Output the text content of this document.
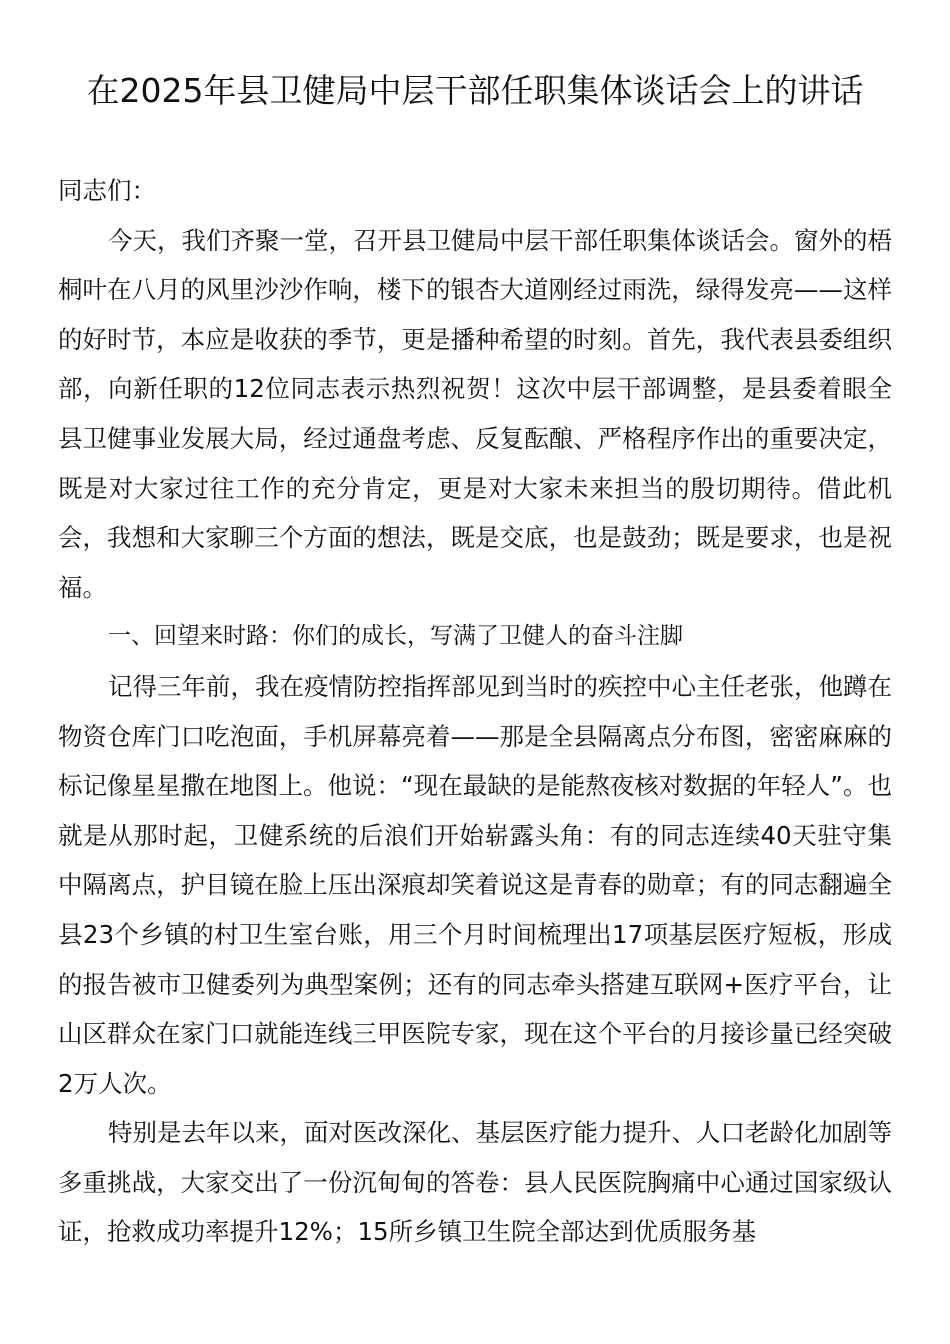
在2025年县卫健局中层干部任职集体谈话会上的讲话

同志们：

今天，我们齐聚一堂，召开县卫健局中层干部任职集体谈话会。窗外的梧桐叶在八月的风里沙沙作响，楼下的银杏大道刚经过雨洗，绿得发亮——这样的好时节，本应是收获的季节，更是播种希望的时刻。首先，我代表县委组织部，向新任职的12位同志表示热烈祝贺！这次中层干部调整，是县委着眼全县卫健事业发展大局，经过通盘考虑、反复酝酿、严格程序作出的重要决定，既是对大家过往工作的充分肯定，更是对大家未来担当的殷切期待。借此机会，我想和大家聊三个方面的想法，既是交底，也是鼓劲；既是要求，也是祝福。

一、回望来时路：你们的成长，写满了卫健人的奋斗注脚

记得三年前，我在疫情防控指挥部见到当时的疾控中心主任老张，他蹲在物资仓库门口吃泡面，手机屏幕亮着——那是全县隔离点分布图，密密麻麻的标记像星星撒在地图上。他说：“现在最缺的是能熬夜核对数据的年轻人”。也就是从那时起，卫健系统的后浪们开始崭露头角：有的同志连续40天驻守集中隔离点，护目镜在脸上压出深痕却笑着说这是青春的勋章；有的同志翻遍全县23个乡镇的村卫生室台账，用三个月时间梳理出17项基层医疗短板，形成的报告被市卫健委列为典型案例；还有的同志牵头搭建互联网+医疗平台，让山区群众在家门口就能连线三甲医院专家，现在这个平台的月接诊量已经突破2万人次。

特别是去年以来，面对医改深化、基层医疗能力提升、人口老龄化加剧等多重挑战，大家交出了一份沉甸甸的答卷：县人民医院胸痛中心通过国家级认证，抢救成功率提升12%；15所乡镇卫生院全部达到优质服务基
